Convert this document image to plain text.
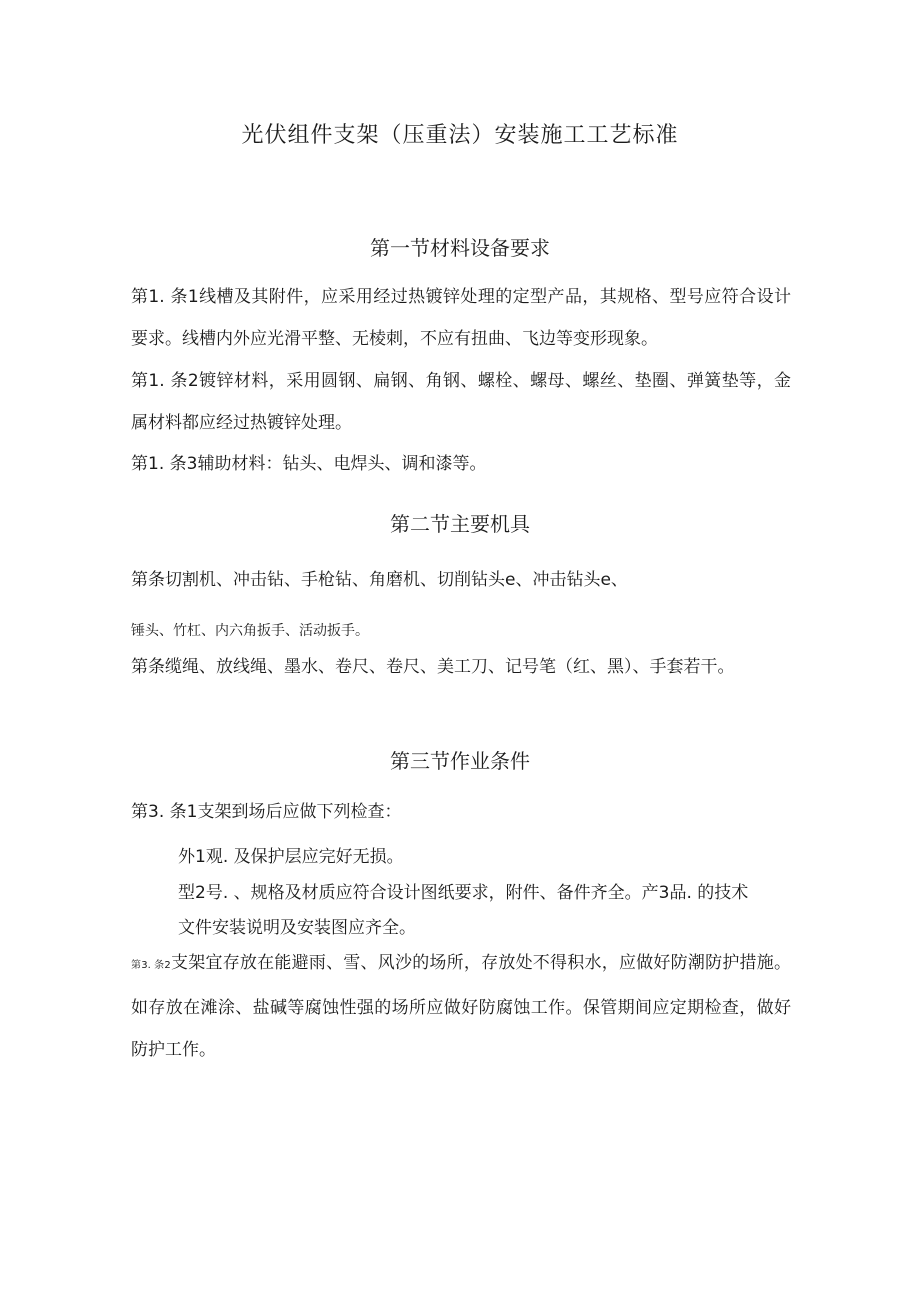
光伏组件支架（压重法）安装施工工艺标准
第一节材料设备要求
第1. 条1线槽及其附件，应采用经过热镀锌处理的定型产品，其规格、型号应符合设计要求。线槽内外应光滑平整、无棱刺，不应有扭曲、飞边等变形现象。
第1. 条2镀锌材料，采用圆钢、扁钢、角钢、螺栓、螺母、螺丝、垫圈、弹簧垫等，金属材料都应经过热镀锌处理。
第1. 条3辅助材料：钻头、电焊头、调和漆等。
第二节主要机具
第条切割机、冲击钻、手枪钻、角磨机、切削钻头e、冲击钻头e、
锤头、竹杠、内六角扳手、活动扳手。
第条缆绳、放线绳、墨水、卷尺、卷尺、美工刀、记号笔（红、黑）、手套若干。
第三节作业条件
第3. 条1支架到场后应做下列检查：
外1观. 及保护层应完好无损。
型2号. 、规格及材质应符合设计图纸要求，附件、备件齐全。产3品. 的技术
文件安装说明及安装图应齐全。
第3. 条2支架宜存放在能避雨、雪、风沙的场所，存放处不得积水，应做好防潮防护措施。如存放在滩涂、盐碱等腐蚀性强的场所应做好防腐蚀工作。保管期间应定期检查，做好防护工作。
